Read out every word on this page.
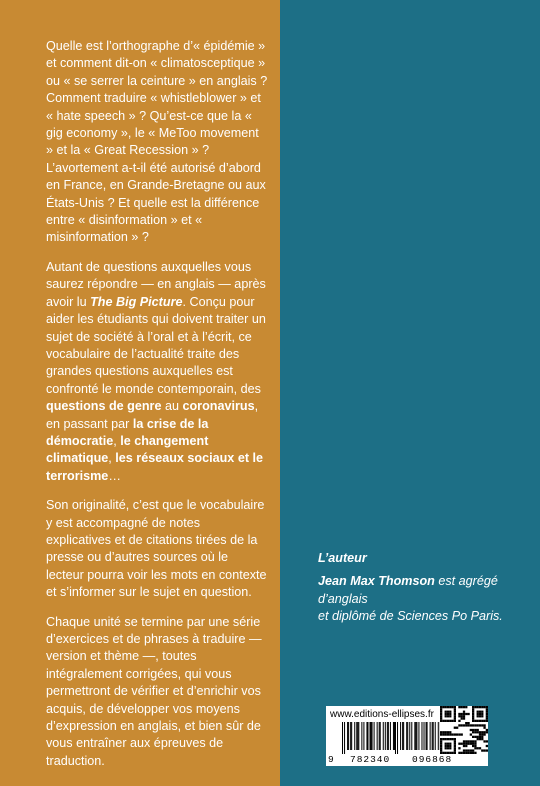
Quelle est l’orthographe d’« épidémie » et comment dit-on « climatosceptique » ou « se serrer la ceinture » en anglais ? Comment traduire « whistleblower » et « hate speech » ? Qu’est-ce que la « gig economy », le « MeToo movement » et la « Great Recession » ? L’avortement a-t-il été autorisé d’abord en France, en Grande-Bretagne ou aux États-Unis ? Et quelle est la différence entre « disinformation » et « misinformation » ?

Autant de questions auxquelles vous saurez répondre — en anglais — après avoir lu The Big Picture. Conçu pour aider les étudiants qui doivent traiter un sujet de société à l’oral et à l’écrit, ce vocabulaire de l’actualité traite des grandes questions auxquelles est confronté le monde contemporain, des questions de genre au coronavirus, en passant par la crise de la démocratie, le changement climatique, les réseaux sociaux et le terrorisme…

Son originalité, c’est que le vocabulaire y est accompagné de notes explicatives et de citations tirées de la presse ou d’autres sources où le lecteur pourra voir les mots en contexte et s’informer sur le sujet en question.

Chaque unité se termine par une série d’exercices et de phrases à traduire — version et thème —, toutes intégralement corrigées, qui vous permettront de vérifier et d’enrichir vos acquis, de développer vos moyens d’expression en anglais, et bien sûr de vous entraîner aux épreuves de traduction.

L’auteur

Jean Max Thomson est agrégé d’anglais

et diplômé de Sciences Po Paris.

www.editions-ellipses.fr
9 782340 096868
